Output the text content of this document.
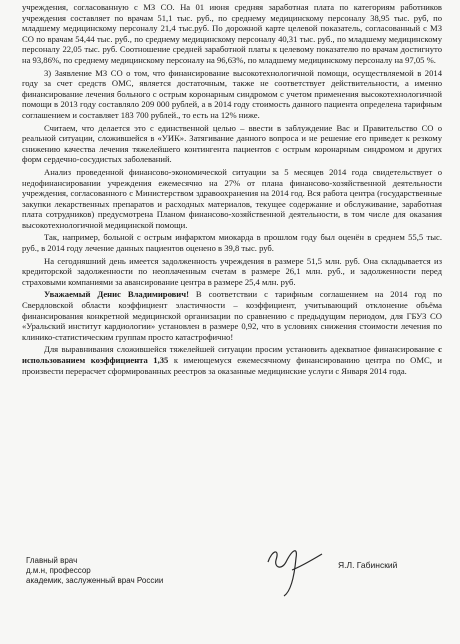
учреждения, согласованную с МЗ СО. На 01 июня средняя заработная плата по категориям работников учреждения составляет по врачам 51,1 тыс. руб., по среднему медицинскому персоналу 38,95 тыс. руб, по младшему медицинскому персоналу 21,4 тыс.руб. По дорожной карте целевой показатель, согласованный с МЗ СО по врачам 54,44 тыс. руб., по среднему медицинскому персоналу 40,31 тыс. руб., по младшему медицинскому персоналу 22,05 тыс. руб. Соотношение средней заработной платы к целевому показателю по врачам достигнуто на 93,86%, по среднему медицинскому персоналу на 96,63%, по младшему медицинскому персоналу на 97,05 %.

3) Заявление МЗ СО о том, что финансирование высокотехнологичной помощи, осуществляемой в 2014 году за счет средств ОМС, является достаточным, также не соответствует действительности, а именно финансирование лечения больного с острым коронарным синдромом с учетом применения высокотехнологичной помощи в 2013 году составляло 209 000 рублей, а в 2014 году стоимость данного пациента определена тарифным соглашением и составляет 183 700 рублей., то есть на 12% ниже.

Считаем, что делается это с единственной целью – ввести в заблуждение Вас и Правительство СО о реальной ситуации, сложившейся в «УИК». Затягивание данного вопроса и не решение его приведет к резкому снижению качества лечения тяжелейшего контингента пациентов с острым коронарным синдромом и других форм сердечно-сосудистых заболеваний.

Анализ проведенной финансово-экономической ситуации за 5 месяцев 2014 года свидетельствует о недофинансировании учреждения ежемесячно на 27% от плана финансово-хозяйственной деятельности учреждения, согласованного с Министерством здравоохранения на 2014 год. Вся работа центра (государственные закупки лекарственных препаратов и расходных материалов, текущее содержание и обслуживание, заработная плата сотрудников) предусмотрена Планом финансово-хозяйственной деятельности, в том числе для оказания высокотехнологичной медицинской помощи.

Так, например, больной с острым инфарктом миокарда в прошлом году был оценён в среднем 55,5 тыс. руб., в 2014 году лечение данных пациентов оценено в 39,8 тыс. руб.

На сегодняшний день имеется задолженность учреждения в размере 51,5 млн. руб. Она складывается из кредиторской задолженности по неоплаченным счетам в размере 26,1 млн. руб., и задолженности перед страховыми компаниями за авансирование центра в размере 25,4 млн. руб.

Уважаемый Денис Владимирович! В соответствии с тарифным соглашением на 2014 год по Свердловской области коэффициент эластичности – коэффициент, учитывающий отклонение объёма финансирования конкретной медицинской организации по сравнению с предыдущим периодом, для ГБУЗ СО «Уральский институт кардиологии» установлен в размере 0,92, что в условиях снижения стоимости лечения по клинико-статистическим группам просто катастрофично!

Для выравнивания сложившейся тяжелейшей ситуации просим установить адекватное финансирование с использованием коэффициента 1,35 к имеющемуся ежемесячному финансированию центра по ОМС, и произвести перерасчет сформированных реестров за оказанные медицинские услуги с Января 2014 года.

Главный врач
д.м.н, профессор
академик, заслуженный врач России
Я.Л. Габинский
